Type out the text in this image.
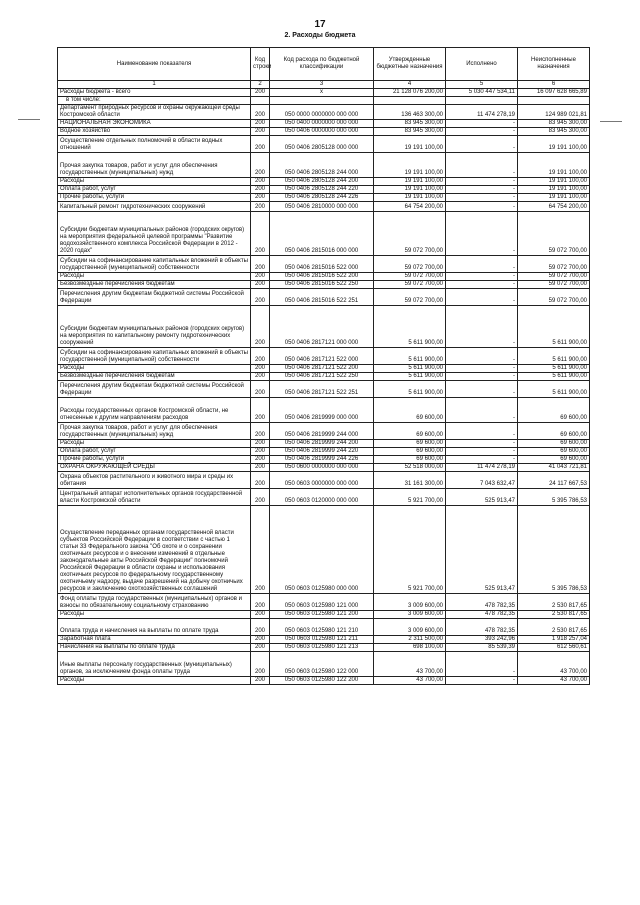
17
2. Расходы бюджета
Наименование показателя	Код строки	Код расхода по бюджетной классификации	Утвержденные бюджетные назначения	Исполнено	Неисполненные назначения
1	2	3	4	5	6
Расходы бюджета - всего	200	x	21 128 076 200,00	5 030 447 534,11	16 097 628 665,89
в том числе:					
Департамент природных ресурсов и охраны окружающей среды Костромской области	200	050 0000 0000000 000 000	136 463 300,00	11 474 278,19	124 989 021,81
НАЦИОНАЛЬНАЯ ЭКОНОМИКА	200	050 0400 0000000 000 000	83 945 300,00	-	83 945 300,00
Водное хозяйство	200	050 0406 0000000 000 000	83 945 300,00	-	83 945 300,00
Осуществление отдельных полномочий в области водных отношений	200	050 0406 2805128 000 000	19 191 100,00	-	19 191 100,00
Прочая закупка товаров, работ и услуг для обеспечения государственных (муниципальных) нужд	200	050 0406 2805128 244 000	19 191 100,00	-	19 191 100,00
Расходы	200	050 0406 2805128 244 200	19 191 100,00	-	19 191 100,00
Оплата работ, услуг	200	050 0406 2805128 244 220	19 191 100,00	-	19 191 100,00
Прочие работы, услуги	200	050 0406 2805128 244 226	19 191 100,00	-	19 191 100,00
Капитальный ремонт гидротехнических сооружений	200	050 0406 2810000 000 000	64 754 200,00	-	64 754 200,00
Субсидии бюджетам муниципальных районов (городских округов) на мероприятия федеральной целевой программы "Развитие водохозяйственного комплекса Российской Федерации в 2012 - 2020 годах"	200	050 0406 2815016 000 000	59 072 700,00	-	59 072 700,00
Субсидии на софинансирование капитальных вложений в объекты государственной (муниципальной) собственности	200	050 0406 2815016 522 000	59 072 700,00	-	59 072 700,00
Расходы	200	050 0406 2815016 522 200	59 072 700,00	-	59 072 700,00
Безвозмездные перечисления бюджетам	200	050 0406 2815016 522 250	59 072 700,00	-	59 072 700,00
Перечисления другим бюджетам бюджетной системы Российской Федерации	200	050 0406 2815016 522 251	59 072 700,00	-	59 072 700,00
Субсидии бюджетам муниципальных районов (городских округов) на мероприятия по капитальному ремонту гидротехнических сооружений	200	050 0406 2817121 000 000	5 611 900,00	-	5 611 900,00
Субсидии на софинансирование капитальных вложений в объекты государственной (муниципальной) собственности	200	050 0406 2817121 522 000	5 611 900,00	-	5 611 900,00
Расходы	200	050 0406 2817121 522 200	5 611 900,00	-	5 611 900,00
Безвозмездные перечисления бюджетам	200	050 0406 2817121 522 250	5 611 900,00	-	5 611 900,00
Перечисления другим бюджетам бюджетной системы Российской Федерации	200	050 0406 2817121 522 251	5 611 900,00	-	5 611 900,00
Расходы государственных органов Костромской области, не отнесенные к другим направлениям расходов	200	050 0406 2819999 000 000	69 600,00	-	69 600,00
Прочая закупка товаров, работ и услуг для обеспечения государственных (муниципальных) нужд	200	050 0406 2819999 244 000	69 600,00	-	69 600,00
Расходы	200	050 0406 2819999 244 200	69 600,00	-	69 600,00
Оплата работ, услуг	200	050 0406 2819999 244 220	69 600,00	-	69 600,00
Прочие работы, услуги	200	050 0406 2819999 244 226	69 600,00	-	69 600,00
ОХРАНА ОКРУЖАЮЩЕЙ СРЕДЫ	200	050 0600 0000000 000 000	52 518 000,00	11 474 278,19	41 043 721,81
Охрана объектов растительного и животного мира и среды их обитания	200	050 0603 0000000 000 000	31 161 300,00	7 043 632,47	24 117 667,53
Центральный аппарат исполнительных органов государственной власти Костромской области	200	050 0603 0120000 000 000	5 921 700,00	525 913,47	5 395 786,53
Осуществление переданных органам государственной власти субъектов Российской Федерации в соответствии с частью 1 статьи 33 Федерального закона "Об охоте и о сохранении охотничьих ресурсов и о внесении изменений в отдельные законодательные акты Российской Федерации" полномочий Российской Федерации в области охраны и использования охотничьих ресурсов по федеральному государственному охотничьему надзору, выдаче разрешений на добычу охотничьих ресурсов и заключению охотхозяйственных соглашений	200	050 0603 0125980 000 000	5 921 700,00	525 913,47	5 395 786,53
Фонд оплаты труда государственных (муниципальных) органов и взносы по обязательному социальному страхованию	200	050 0603 0125980 121 000	3 009 600,00	478 782,35	2 530 817,65
Расходы	200	050 0603 0125980 121 200	3 009 600,00	478 782,35	2 530 817,65
Оплата труда и начисления на выплаты по оплате труда	200	050 0603 0125980 121 210	3 009 600,00	478 782,35	2 530 817,65
Заработная плата	200	050 0603 0125980 121 211	2 311 500,00	393 242,96	1 918 257,04
Начисления на выплаты по оплате труда	200	050 0603 0125980 121 213	698 100,00	85 539,39	612 560,61
Иные выплаты персоналу государственных (муниципальных) органов, за исключением фонда оплаты труда	200	050 0603 0125980 122 000	43 700,00	-	43 700,00
Расходы	200	050 0603 0125980 122 200	43 700,00	-	43 700,00
